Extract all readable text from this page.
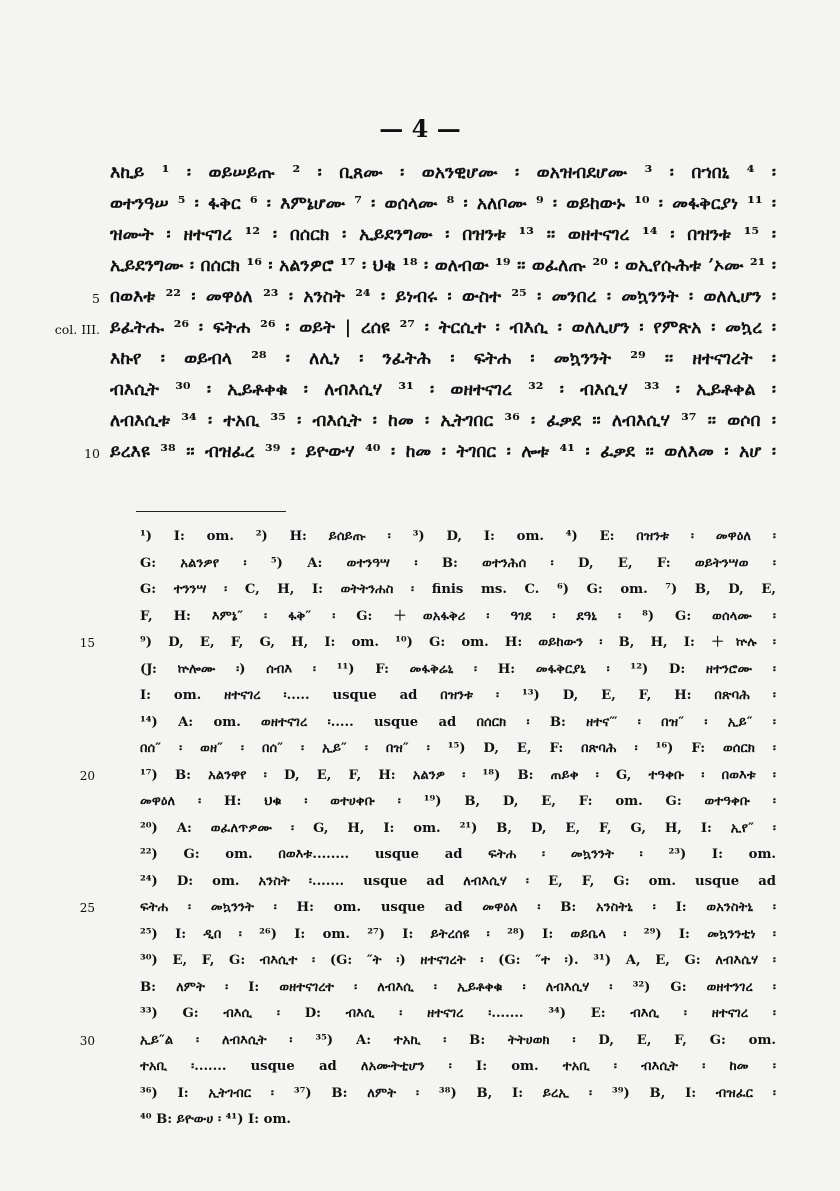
— 4 —
እኪይ ¹ ፡ ወይሠይጡ ² ፡ ቢጸሙ ፡ ወአንዊሆሙ ፡ ወአዝብደሆሙ ³ ፡ በኀበኒ ⁴ ፡
ወተንዓሠ ⁵ ፡ ፋቅር ⁶ ፡ እምኔሆሙ ⁷ ፡ ወሰላሙ ⁸ ፡ አለቦሙ ⁹ ፡ ወይከውኑ ¹⁰ ፡ መፋቅርያነ ¹¹ ፡
ዝሙት ፡ ዘተናገረ ¹² ፡ በሰርክ ፡ ኢይደንግሙ ፡ በዝንቱ ¹³ ፡፡ ወዘተናገረ ¹⁴ ፡ በዝንቱ ¹⁵ ፡
ኢይደንግሙ ፡ በሰርክ ¹⁶ ፡ አልንዎሮ ¹⁷ ፡ ህቁ ¹⁸ ፡ ወለብው ¹⁹ ፡፡ ወፈለጡ ²⁰ ፡ ወኢየሱሕቱ ʼኦሙ ²¹ ፡
5 በወእቱ ²² ፡ መዋዕለ ²³ ፡ አንስት ²⁴ ፡ ይነብሩ ፡ ውስተ ²⁵ ፡ መንበረ ፡ መኳንንት ፡ ወለሊሆን ፡
col. III. ይፈትሑ ²⁶ ፡ ፍትሐ ²⁶ ፡ ወይት | ረሰዩ ²⁷ ፡ ትርሲተ ፡ ብእሲ ፡ ወለሊሆን ፡ የምጽአ ፡ መኳረ ፡
እኩየ ፡ ወይብላ ²⁸ ፡ ለሊነ ፡ ንፈትሕ ፡ ፍትሐ ፡ መኳንንት ²⁹ ፡፡ ዘተናገረት ፡
ብእሲት ³⁰ ፡ ኢይቶቀቁ ፡ ለብእሲሃ ³¹ ፡ ወዘተናገረ ³² ፡ ብእሲሃ ³³ ፡ ኢይቶቀል ፡
ለብእሲቱ ³⁴ ፡ ተአቢ ³⁵ ፡ ብእሲት ፡ ከመ ፡ ኢትገበር ³⁶ ፡ ፈቃደ ፡፡ ለብእሲሃ ³⁷ ፡፡ ወሶበ ፡
10 ይረእዩ ³⁸ ፡፡ ብዝፈረ ³⁹ ፡ ይዮውሃ ⁴⁰ ፡ ከመ ፡ ትገበር ፡ ሎቱ ⁴¹ ፡ ፈቃደ ፡፡ ወለእመ ፡ አሆ ፡
¹) I: om. ²) H: ይሰይጡ ፡ ³) D, I: om. ⁴) E: በዝንቱ ፡ መዋዕለ ፡
G: አልንዎየ ፡ ⁵) A: ወተንዓሣ ፡ B: ወተንሕሰ ፡ D, E, F: ወይትንሣወ ፡
G: ተንንሣ ፡ C, H, I: ወትትንሐስ ፡ finis ms. C. ⁶) G: om. ⁷) B, D, E,
F, H: እምኔ″ ፡ ፋቅ″ ፡ G: ＋ወአፋቅሪ ፡ ዓገደ ፡ ደዓኒ ፡ ⁸) G: ወሰላሙ ፡
15	⁹) D, E, F, G, H, I: om. ¹⁰) G: om. H: ወይከውን ፡ B, H, I: ＋ኵሉ ፡
(J: ኵሎሙ ፡) ሰብእ ፡ ¹¹) F: መፋቅሬኒ ፡ H: መፋቅርያኒ ፡ ¹²) D: ዘተንሮሙ ፡
I: om. ዘተናገረ ፡..... usque ad በዝንቱ ፡ ¹³) D, E, F, H: በጽባሕ ፡
¹⁴) A: om. ወዘተናገረ ፡..... usque ad በሰርክ ፡ B: ዘተና‴ ፡ በዝ″ ፡ ኢይ″ ፡
በሰ″ ፡ ወዘ″ ፡ በሰ″ ፡ ኢይ″ ፡ በዝ″ ፡ ¹⁵) D, E, F: በጽባሕ ፡ ¹⁶) F: ወሰርክ ፡
20	¹⁷) B: አልንዋየ ፡ D, E, F, H: አልንዎ ፡ ¹⁸) B: ጠይቀ ፡ G, ተዓቀቡ ፡ በወእቱ ፡
መዋዕለ ፡ H: ህቁ ፡ ወተሀቀቡ ፡ ¹⁹) B, D, E, F: om. G: ወተዓቀቡ ፡
²⁰) A: ወፈለጥዎሙ ፡ G, H, I: om. ²¹) B, D, E, F, G, H, I: ኢየ″ ፡
²²) G: om. በወእቱ........ usque ad ፍትሐ ፡ መኳንንት ፡ ²³) I: om.
²⁴) D: om. አንስት ፡....... usque ad ለብእሲሃ ፡ E, F, G: om. usque ad
25	ፍትሐ ፡ መኳንንት ፡ H: om. usque ad መዋዕለ ፡ B: አንስትኒ ፡ I: ወአንስትኒ ፡
²⁵) I: ዲበ ፡ ²⁶) I: om. ²⁷) I: ይትረሰዩ ፡ ²⁸) I: ወይቤላ ፡ ²⁹) I: መኳንንቲነ ፡
³⁰) E, F, G: ብእሲተ ፡ (G: ″ት ፡) ዘተናገረት ፡ (G: ″ተ ፡). ³¹) A, E, G: ለብእሴሃ ፡
B: ለምት ፡ I: ወዘተናገረተ ፡ ለብእሲ ፡ ኢይቶቀቁ ፡ ለብእሲሃ ፡ ³²) G: ወዘተንገረ ፡
³³) G: ብእሲ ፡ D: ብእሲ ፡ ዘተናገረ ፡....... ³⁴) E: ብእሲ ፡ ዘተናገረ ፡
30	ኢይ″ል ፡ ለብእሲት ፡ ³⁵) A: ተአኪ ፡ B: ትትሀወክ ፡ D, E, F, G: om.
ተአቢ ፡....... usque ad ለአሙትቲሆን ፡ I: om. ተአቢ ፡ ብእሲት ፡ ከመ ፡
³⁶) I: ኢትገብር ፡ ³⁷) B: ለምት ፡ ³⁸) B, I: ይረኢ ፡ ³⁹) B, I: ብዝፈር ፡
⁴⁰ B: ይዮውሀ ፡ ⁴¹) I: om.
